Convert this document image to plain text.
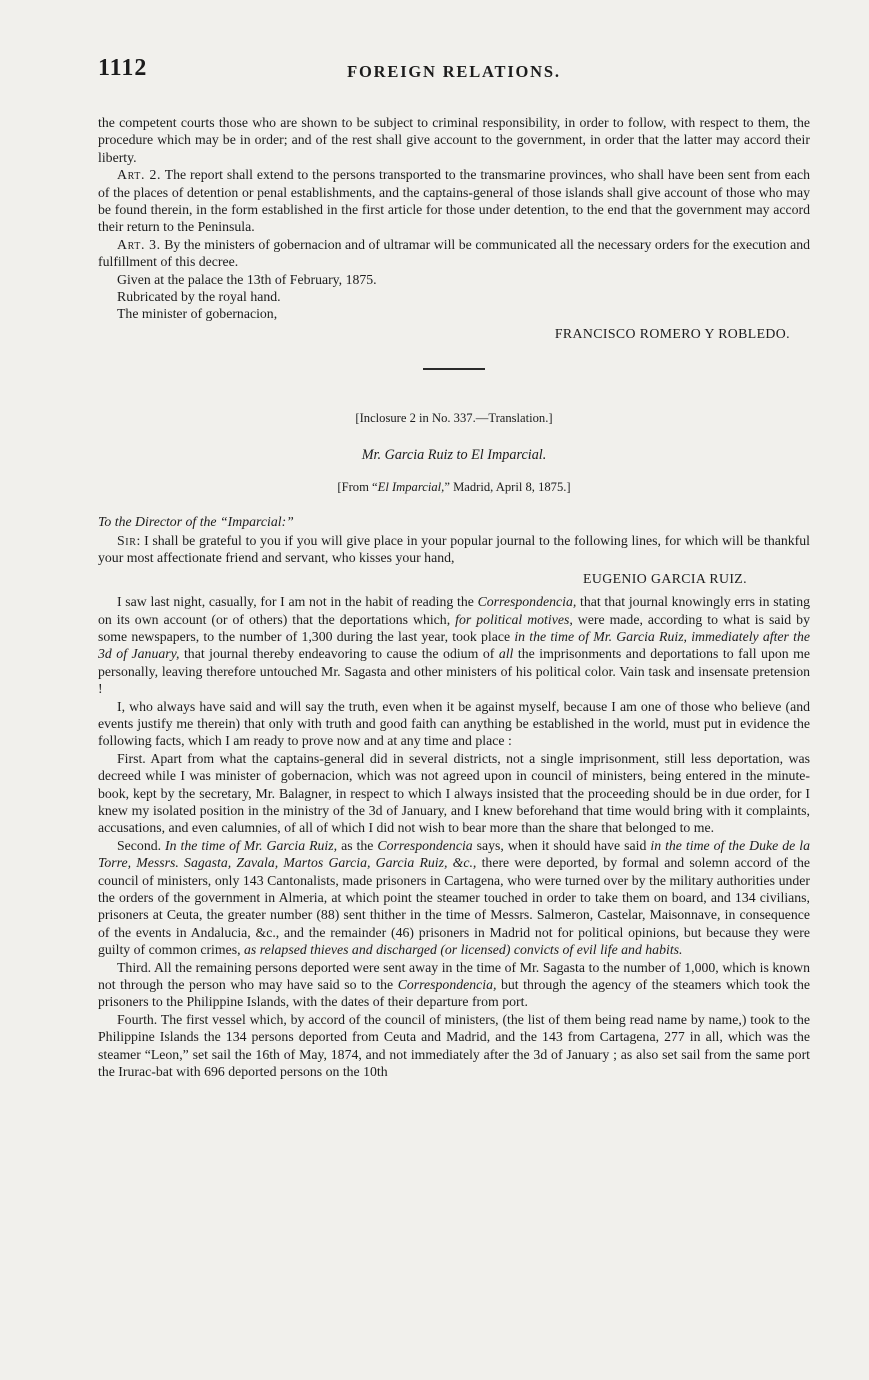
1112	FOREIGN RELATIONS.

the competent courts those who are shown to be subject to criminal responsibility, in order to follow, with respect to them, the procedure which may be in order; and of the rest shall give account to the government, in order that the latter may accord their liberty.

Art. 2. The report shall extend to the persons transported to the transmarine provinces, who shall have been sent from each of the places of detention or penal establishments, and the captains-general of those islands shall give account of those who may be found therein, in the form established in the first article for those under detention, to the end that the government may accord their return to the Peninsula.

Art. 3. By the ministers of gobernacion and of ultramar will be communicated all the necessary orders for the execution and fulfillment of this decree.

Given at the palace the 13th of February, 1875.

Rubricated by the royal hand.

The minister of gobernacion,

FRANCISCO ROMERO Y ROBLEDO.

[Inclosure 2 in No. 337.—Translation.]

Mr. Garcia Ruiz to El Imparcial.

[From “El Imparcial,” Madrid, April 8, 1875.]

To the Director of the “Imparcial:”

Sir: I shall be grateful to you if you will give place in your popular journal to the following lines, for which will be thankful your most affectionate friend and servant, who kisses your hand,

EUGENIO GARCIA RUIZ.

I saw last night, casually, for I am not in the habit of reading the Correspondencia, that that journal knowingly errs in stating on its own account (or of others) that the deportations which, for political motives, were made, according to what is said by some newspapers, to the number of 1,300 during the last year, took place in the time of Mr. Garcia Ruiz, immediately after the 3d of January, that journal thereby endeavoring to cause the odium of all the imprisonments and deportations to fall upon me personally, leaving therefore untouched Mr. Sagasta and other ministers of his political color. Vain task and insensate pretension !

I, who always have said and will say the truth, even when it be against myself, because I am one of those who believe (and events justify me therein) that only with truth and good faith can anything be established in the world, must put in evidence the following facts, which I am ready to prove now and at any time and place :

First. Apart from what the captains-general did in several districts, not a single imprisonment, still less deportation, was decreed while I was minister of gobernacion, which was not agreed upon in council of ministers, being entered in the minute-book, kept by the secretary, Mr. Balagner, in respect to which I always insisted that the proceeding should be in due order, for I knew my isolated position in the ministry of the 3d of January, and I knew beforehand that time would bring with it complaints, accusations, and even calumnies, of all of which I did not wish to bear more than the share that belonged to me.

Second. In the time of Mr. Garcia Ruiz, as the Correspondencia says, when it should have said in the time of the Duke de la Torre, Messrs. Sagasta, Zavala, Martos Garcia, Garcia Ruiz, &c., there were deported, by formal and solemn accord of the council of ministers, only 143 Cantonalists, made prisoners in Cartagena, who were turned over by the military authorities under the orders of the government in Almeria, at which point the steamer touched in order to take them on board, and 134 civilians, prisoners at Ceuta, the greater number (88) sent thither in the time of Messrs. Salmeron, Castelar, Maisonnave, in consequence of the events in Andalucia, &c., and the remainder (46) prisoners in Madrid not for political opinions, but because they were guilty of common crimes, as relapsed thieves and discharged (or licensed) convicts of evil life and habits.

Third. All the remaining persons deported were sent away in the time of Mr. Sagasta to the number of 1,000, which is known not through the person who may have said so to the Correspondencia, but through the agency of the steamers which took the prisoners to the Philippine Islands, with the dates of their departure from port.

Fourth. The first vessel which, by accord of the council of ministers, (the list of them being read name by name,) took to the Philippine Islands the 134 persons deported from Ceuta and Madrid, and the 143 from Cartagena, 277 in all, which was the steamer “Leon,” set sail the 16th of May, 1874, and not immediately after the 3d of January ; as also set sail from the same port the Irurac-bat with 696 deported persons on the 10th
